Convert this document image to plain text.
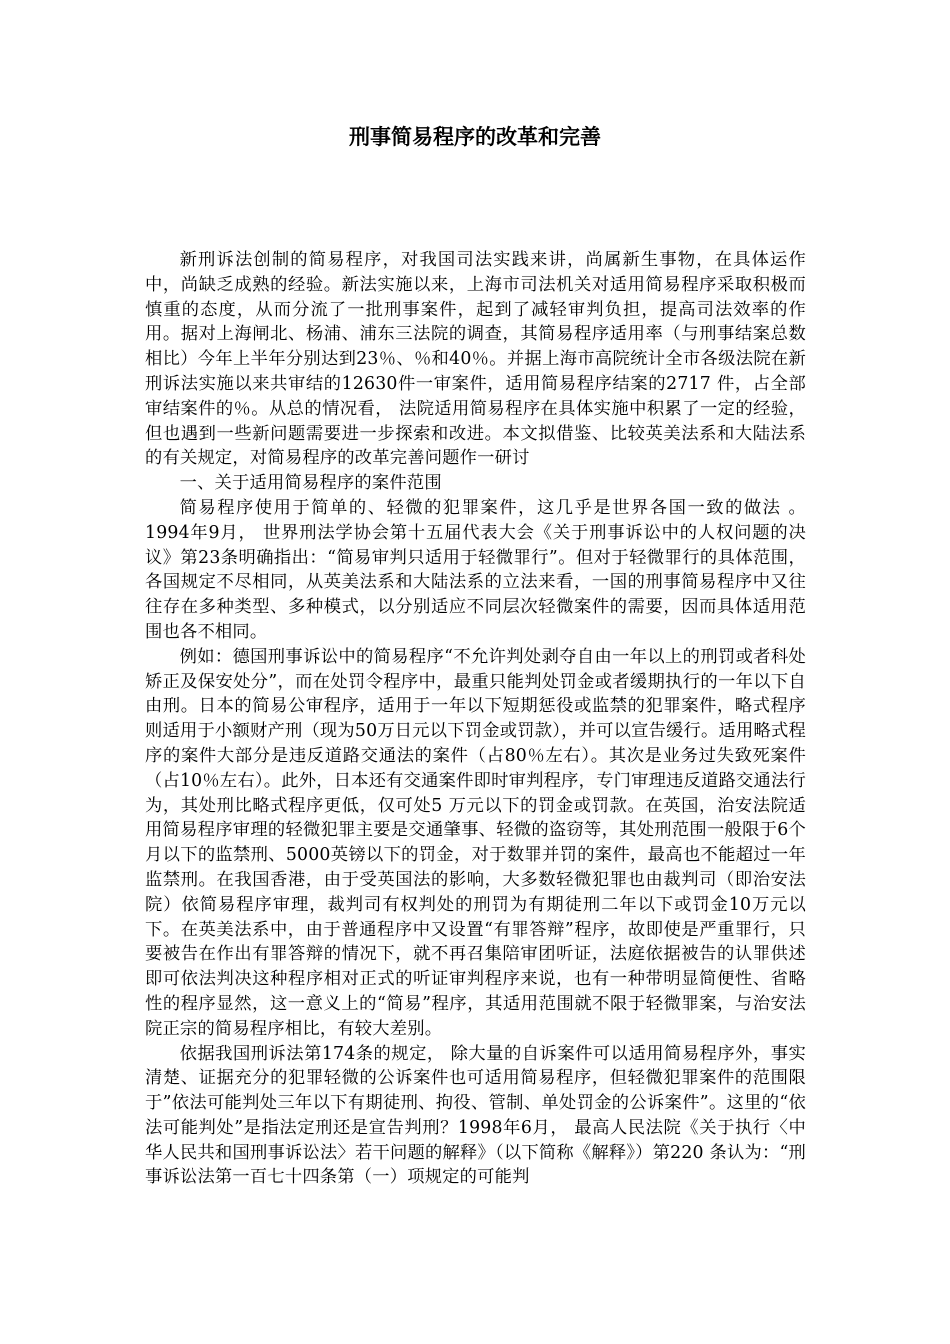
刑事简易程序的改革和完善

新刑诉法创制的简易程序，对我国司法实践来讲，尚属新生事物，在具体运作中，尚缺乏成熟的经验。新法实施以来，上海市司法机关对适用简易程序采取积极而慎重的态度，从而分流了一批刑事案件，起到了减轻审判负担，提高司法效率的作用。据对上海闸北、杨浦、浦东三法院的调查，其简易程序适用率（与刑事结案总数相比）今年上半年分别达到23％、％和40％。并据上海市高院统计全市各级法院在新刑诉法实施以来共审结的12630件一审案件，适用简易程序结案的2717 件，占全部审结案件的％。从总的情况看， 法院适用简易程序在具体实施中积累了一定的经验，但也遇到一些新问题需要进一步探索和改进。本文拟借鉴、比较英美法系和大陆法系的有关规定，对简易程序的改革完善问题作一研讨

一、关于适用简易程序的案件范围

简易程序使用于简单的、轻微的犯罪案件，这几乎是世界各国一致的做法 。1994年9月， 世界刑法学协会第十五届代表大会《关于刑事诉讼中的人权问题的决议》第23条明确指出：“简易审判只适用于轻微罪行”。但对于轻微罪行的具体范围，各国规定不尽相同，从英美法系和大陆法系的立法来看，一国的刑事简易程序中又往往存在多种类型、多种模式，以分别适应不同层次轻微案件的需要，因而具体适用范围也各不相同。

例如：德国刑事诉讼中的简易程序“不允许判处剥夺自由一年以上的刑罚或者科处矫正及保安处分”，而在处罚令程序中，最重只能判处罚金或者缓期执行的一年以下自由刑。日本的简易公审程序，适用于一年以下短期惩役或监禁的犯罪案件，略式程序则适用于小额财产刑（现为50万日元以下罚金或罚款），并可以宣告缓行。适用略式程序的案件大部分是违反道路交通法的案件（占80％左右）。其次是业务过失致死案件（占10％左右）。此外，日本还有交通案件即时审判程序，专门审理违反道路交通法行为，其处刑比略式程序更低，仅可处5 万元以下的罚金或罚款。在英国，治安法院适用简易程序审理的轻微犯罪主要是交通肇事、轻微的盗窃等，其处刑范围一般限于6个月以下的监禁刑、5000英镑以下的罚金，对于数罪并罚的案件，最高也不能超过一年监禁刑。在我国香港，由于受英国法的影响，大多数轻微犯罪也由裁判司（即治安法院）依简易程序审理，裁判司有权判处的刑罚为有期徒刑二年以下或罚金10万元以下。在英美法系中，由于普通程序中又设置“有罪答辩”程序，故即使是严重罪行，只要被告在作出有罪答辩的情况下，就不再召集陪审团听证，法庭依据被告的认罪供述即可依法判决这种程序相对正式的听证审判程序来说，也有一种带明显简便性、省略性的程序显然，这一意义上的“简易”程序，其适用范围就不限于轻微罪案，与治安法院正宗的简易程序相比，有较大差别。

依据我国刑诉法第174条的规定， 除大量的自诉案件可以适用简易程序外，事实清楚、证据充分的犯罪轻微的公诉案件也可适用简易程序，但轻微犯罪案件的范围限于”依法可能判处三年以下有期徒刑、拘役、管制、单处罚金的公诉案件”。这里的“依法可能判处”是指法定刑还是宣告判刑？1998年6月， 最高人民法院《关于执行〈中华人民共和国刑事诉讼法〉若干问题的解释》（以下简称《解释》）第220 条认为：“刑事诉讼法第一百七十四条第（一）项规定的可能判
